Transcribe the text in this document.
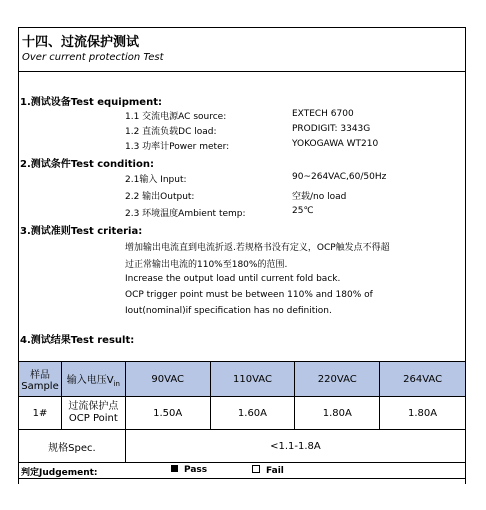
十四、过流保护测试
Over current protection Test
1.测试设备Test equipment:
1.1 交流电源AC source:	EXTECH 6700
1.2 直流负载DC load:	PRODIGIT: 3343G
1.3 功率计Power meter:	YOKOGAWA WT210
2.测试条件Test condition:
2.1输入 Input:	90~264VAC,60/50Hz
2.2 输出Output:	空载/no load
2.3 环境温度Ambient temp:	25℃
3.测试准则Test criteria:
增加输出电流直到电流折返.若规格书没有定义，OCP触发点不得超
过正常输出电流的110%至180%的范围.
Increase the output load until current fold back.
OCP trigger point must be between 110% and 180% of
Iout(nominal)if specification has no definition.
4.测试结果Test result:
样品
Sample	输入电压$V_{in}$	90VAC	110VAC	220VAC	264VAC
1#	过流保护点
OCP Point	1.50A	1.60A	1.80A	1.80A
规格Spec.		<1.1-1.8A			
判定Judgement:	Pass	Fail
